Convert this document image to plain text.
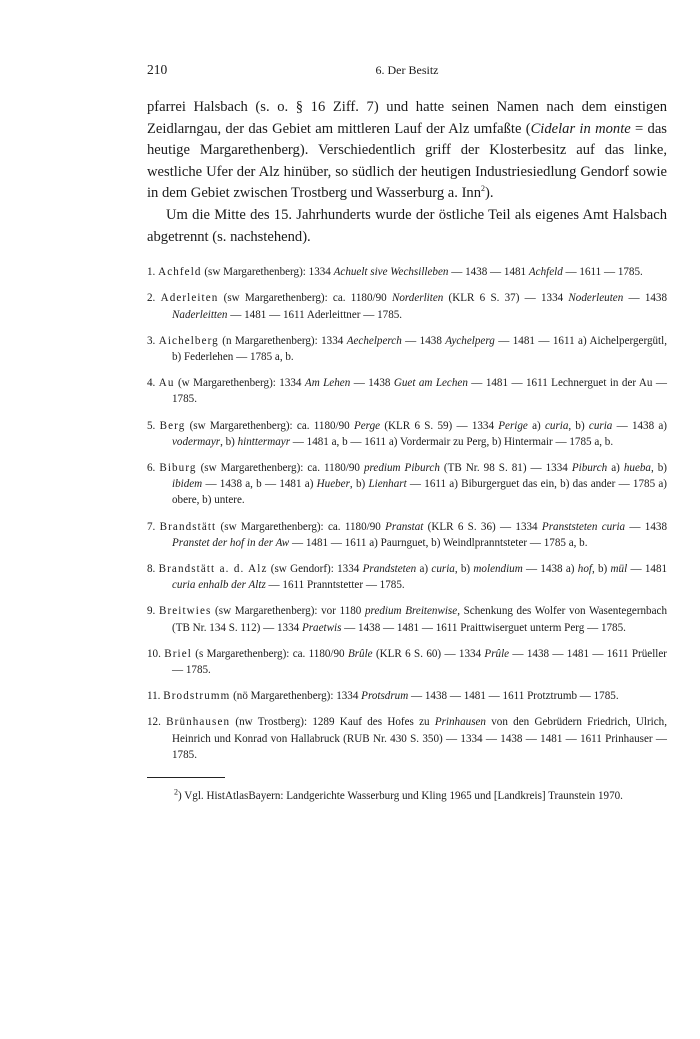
210	6. Der Besitz

pfarrei Halsbach (s. o. § 16 Ziff. 7) und hatte seinen Namen nach dem einstigen Zeidlarngau, der das Gebiet am mittleren Lauf der Alz umfaßte (Cidelar in monte = das heutige Margarethenberg). Verschiedentlich griff der Klosterbesitz auf das linke, westliche Ufer der Alz hinüber, so südlich der heutigen Industriesiedlung Gendorf sowie in dem Gebiet zwischen Trostberg und Wasserburg a. Inn$^2$).

Um die Mitte des 15. Jahrhunderts wurde der östliche Teil als eigenes Amt Halsbach abgetrennt (s. nachstehend).

1. Achfeld (sw Margarethenberg): 1334 Achuelt sive Wechsilleben — 1438 — 1481 Achfeld — 1611 — 1785.
2. Aderleiten (sw Margarethenberg): ca. 1180/90 Norderliten (KLR 6 S. 37) — 1334 Noderleuten — 1438 Naderleitten — 1481 — 1611 Aderleittner — 1785.
3. Aichelberg (n Margarethenberg): 1334 Aechelperch — 1438 Aychelperg — 1481 — 1611 a) Aichelpergergütl, b) Federlehen — 1785 a, b.
4. Au (w Margarethenberg): 1334 Am Lehen — 1438 Guet am Lechen — 1481 — 1611 Lechnerguet in der Au — 1785.
5. Berg (sw Margarethenberg): ca. 1180/90 Perge (KLR 6 S. 59) — 1334 Perige a) curia, b) curia — 1438 a) vodermayr, b) hinttermayr — 1481 a, b — 1611 a) Vordermair zu Perg, b) Hintermair — 1785 a, b.
6. Biburg (sw Margarethenberg): ca. 1180/90 predium Piburch (TB Nr. 98 S. 81) — 1334 Piburch a) hueba, b) ibidem — 1438 a, b — 1481 a) Hueber, b) Lienhart — 1611 a) Biburgerguet das ein, b) das ander — 1785 a) obere, b) untere.
7. Brandstätt (sw Margarethenberg): ca. 1180/90 Pranstat (KLR 6 S. 36) — 1334 Pranststeten curia — 1438 Pranstet der hof in der Aw — 1481 — 1611 a) Paurnguet, b) Weindlpranntsteter — 1785 a, b.
8. Brandstätt a. d. Alz (sw Gendorf): 1334 Prandsteten a) curia, b) molendium — 1438 a) hof, b) mül — 1481 curia enhalb der Altz — 1611 Pranntstetter — 1785.
9. Breitwies (sw Margarethenberg): vor 1180 predium Breitenwise, Schenkung des Wolfer von Wasentegernbach (TB Nr. 134 S. 112) — 1334 Praetwis — 1438 — 1481 — 1611 Praittwiserguet unterm Perg — 1785.
10. Briel (s Margarethenberg): ca. 1180/90 Brûle (KLR 6 S. 60) — 1334 Prûle — 1438 — 1481 — 1611 Prüeller — 1785.
11. Brodstrumm (nö Margarethenberg): 1334 Protsdrum — 1438 — 1481 — 1611 Protztrumb — 1785.
12. Brünhausen (nw Trostberg): 1289 Kauf des Hofes zu Prinhausen von den Gebrüdern Friedrich, Ulrich, Heinrich und Konrad von Hallabruck (RUB Nr. 430 S. 350) — 1334 — 1438 — 1481 — 1611 Prinhauser — 1785.
$^2$) Vgl. HistAtlasBayern: Landgerichte Wasserburg und Kling 1965 und [Landkreis] Traunstein 1970.
